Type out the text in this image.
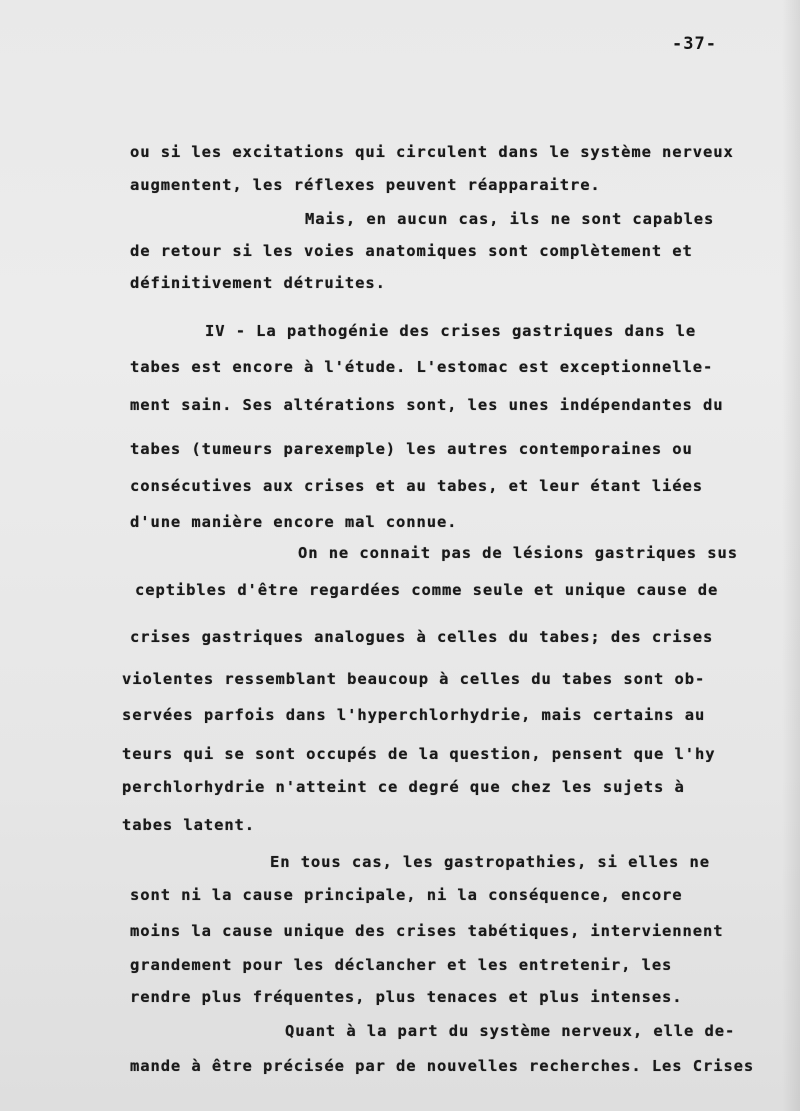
-37-
ou si les excitations qui circulent dans le système nerveux
augmentent, les réflexes peuvent réapparaitre.
Mais, en aucun cas, ils ne sont capables
de retour si les voies anatomiques sont complètement et
définitivement détruites.
IV - La pathogénie des crises gastriques dans le
tabes est encore à l'étude. L'estomac est exceptionnelle-
ment sain. Ses altérations sont, les unes indépendantes du
tabes (tumeurs parexemple) les autres contemporaines ou
consécutives aux crises et au tabes, et leur étant liées
d'une manière encore mal connue.
On ne connait pas de lésions gastriques sus
ceptibles d'être regardées comme seule et unique cause de
crises gastriques analogues à celles du tabes; des crises
violentes ressemblant beaucoup à celles du tabes sont ob-
servées parfois dans l'hyperchlorhydrie, mais certains au
teurs qui se sont occupés de la question, pensent que l'hy
perchlorhydrie n'atteint ce degré que chez les sujets à
tabes latent.
En tous cas, les gastropathies, si elles ne
sont ni la cause principale, ni la conséquence, encore
moins la cause unique des crises tabétiques, interviennent
grandement pour les déclancher et les entretenir, les
rendre plus fréquentes, plus tenaces et plus intenses.
Quant à la part du système nerveux, elle de-
mande à être précisée par de nouvelles recherches. Les Crises
